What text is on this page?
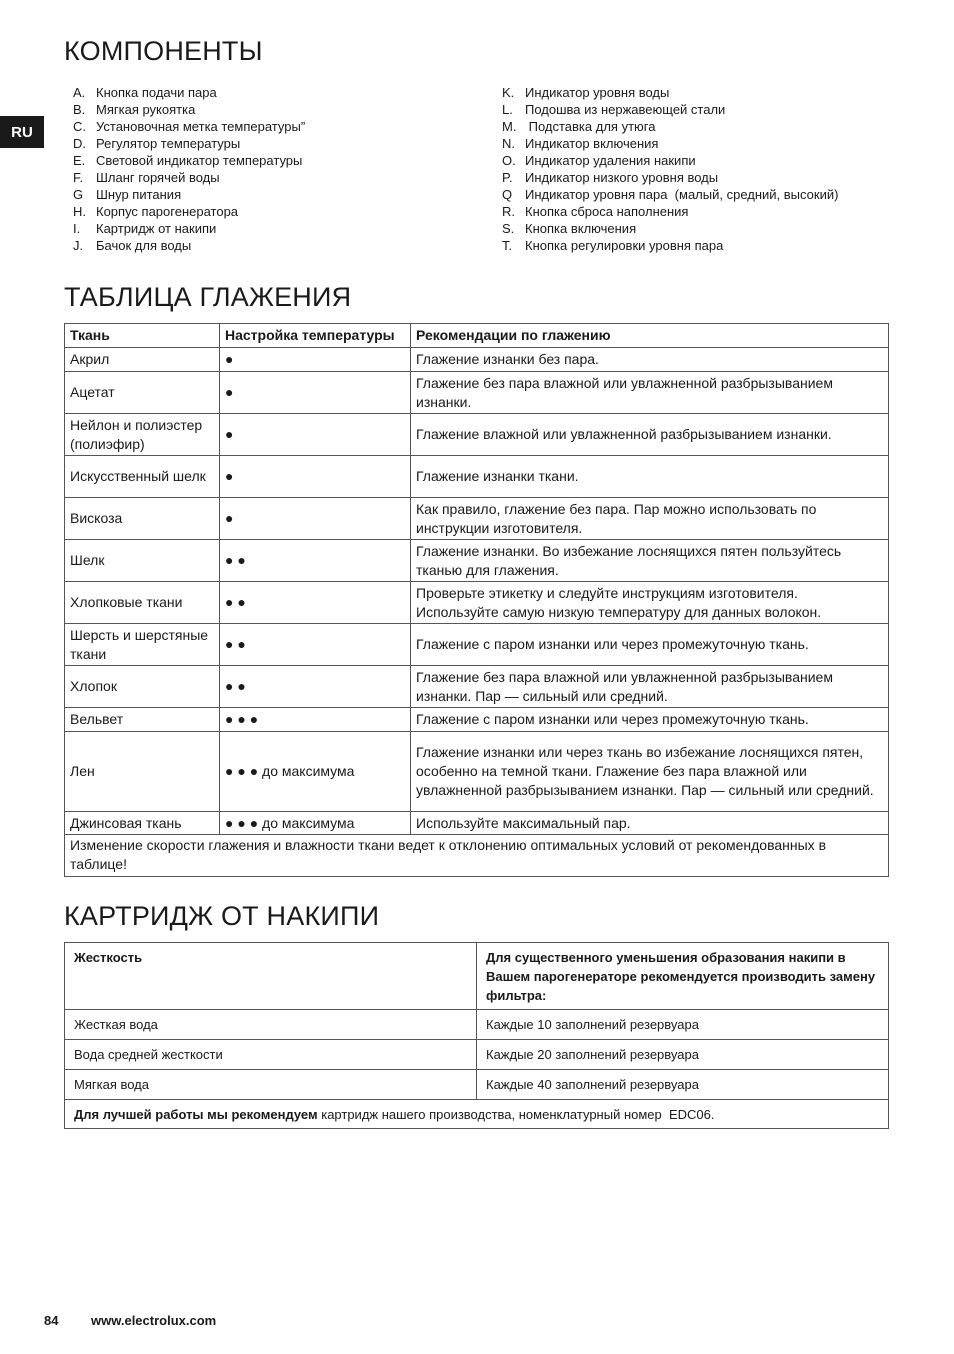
RU
КОМПОНЕНТЫ
A. Кнопка подачи пара
B. Мягкая рукоятка
C. Установочная метка температуры”
D. Регулятор температуры
E. Световой индикатор температуры
F. Шланг горячей воды
G Шнур питания
H. Корпус парогенератора
I.	Картридж от накипи
J. Бачок для воды
K. Индикатор уровня воды
L. Подошва из нержавеющей стали
M. Подставка для утюга
N. Индикатор включения
O. Индикатор удаления накипи
P. Индикатор низкого уровня воды
Q Индикатор уровня пара  (малый, средний, высокий)
R. Кнопка сброса наполнения
S. Кнопка включения
T. Кнопка регулировки уровня пара
ТАБЛИЦА ГЛАЖЕНИЯ
Ткань	Настройка температуры	Рекомендации по глажению
Акрил	●	Глажение изнанки без пара.
Ацетат	●	Глажение без пара влажной или увлажненной разбрызыванием изнанки.
Нейлон и полиэстер (полиэфир)	●	Глажение влажной или увлажненной разбрызыванием изнанки.
Искусственный шелк	●	Глажение изнанки ткани.
Вискоза	●	Как правило, глажение без пара. Пар можно использовать по инструкции изготовителя.
Шелк	● ●	Глажение изнанки. Во избежание лоснящихся пятен пользуйтесь тканью для глажения.
Хлопковые ткани	● ●	Проверьте этикетку и следуйте инструкциям изготовителя. Используйте самую низкую температуру для данных волокон.
Шерсть и шерстяные ткани	● ●	Глажение с паром изнанки или через промежуточную ткань.
Хлопок	● ●	Глажение без пара влажной или увлажненной разбрызыванием изнанки. Пар — сильный или средний.
Вельвет	● ● ●	Глажение с паром изнанки или через промежуточную ткань.
Лен	● ● ● до максимума	Глажение изнанки или через ткань во избежание лоснящихся пятен, особенно на темной ткани. Глажение без пара влажной или увлажненной разбрызыванием изнанки. Пар — сильный или средний.
Джинсовая ткань	● ● ● до максимума	Используйте максимальный пар.
Изменение скорости глажения и влажности ткани ведет к отклонению оптимальных условий от рекомендованных в таблице!		
КАРТРИДЖ ОТ НАКИПИ
Жесткость	Для существенного уменьшения образования накипи в Вашем парогенераторе рекомендуется производить замену фильтра:
Жесткая вода	Каждые 10 заполнений резервуара
Вода средней жесткости	Каждые 20 заполнений резервуара
Мягкая вода	Каждые 40 заполнений резервуара
Для лучшей работы мы рекомендуем картридж нашего производства, номенклатурный номер  EDC06.	
84	www.electrolux.com
